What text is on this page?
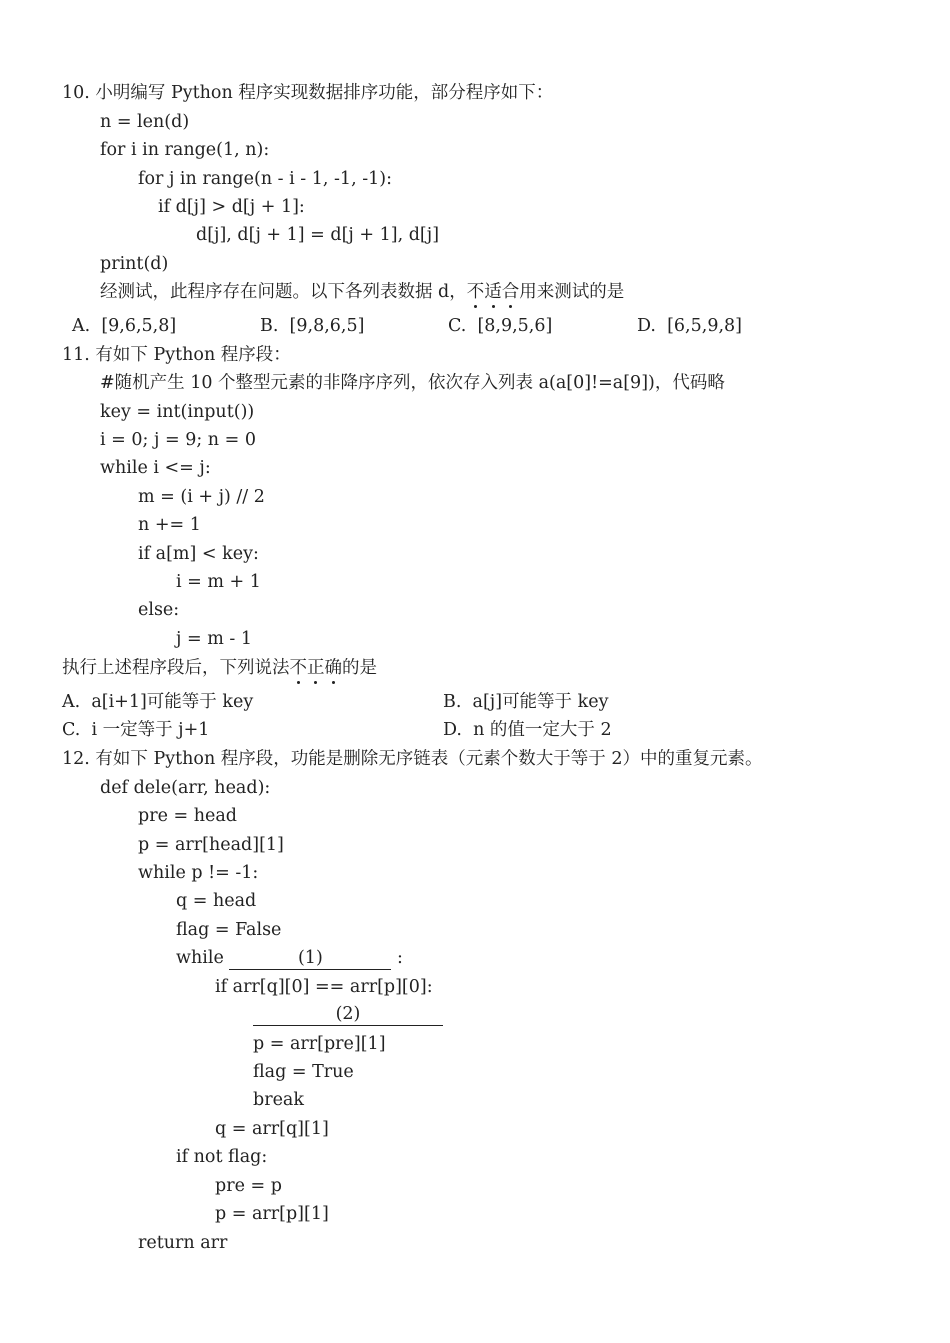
10. 小明编写 Python 程序实现数据排序功能，部分程序如下：
n = len(d)
for i in range(1, n):
for j in range(n - i - 1, -1, -1):
if d[j] > d[j + 1]:
d[j], d[j + 1] = d[j + 1], d[j]
print(d)
经测试，此程序存在问题。以下各列表数据 d，不适合用来测试的是
A.  [9,6,5,8]	B.  [9,8,6,5]	C.  [8,9,5,6]	D.  [6,5,9,8]
11. 有如下 Python 程序段：
#随机产生 10 个整型元素的非降序序列，依次存入列表 a(a[0]!=a[9])，代码略
key = int(input())
i = 0; j = 9; n = 0
while i <= j:
m = (i + j) // 2
n += 1
if a[m] < key:
i = m + 1
else:
j = m - 1
执行上述程序段后，下列说法不正确的是
A.  a[i+1]可能等于 key	B.  a[j]可能等于 key
C.  i 一定等于 j+1	D.  n 的值一定大于 2
12. 有如下 Python 程序段，功能是删除无序链表（元素个数大于等于 2）中的重复元素。
def dele(arr, head):
pre = head
p = arr[head][1]
while p != -1:
q = head
flag = False
while	(1)	:
if arr[q][0] == arr[p][0]:
(2)
p = arr[pre][1]
flag = True
break
q = arr[q][1]
if not flag:
pre = p
p = arr[p][1]
return arr
